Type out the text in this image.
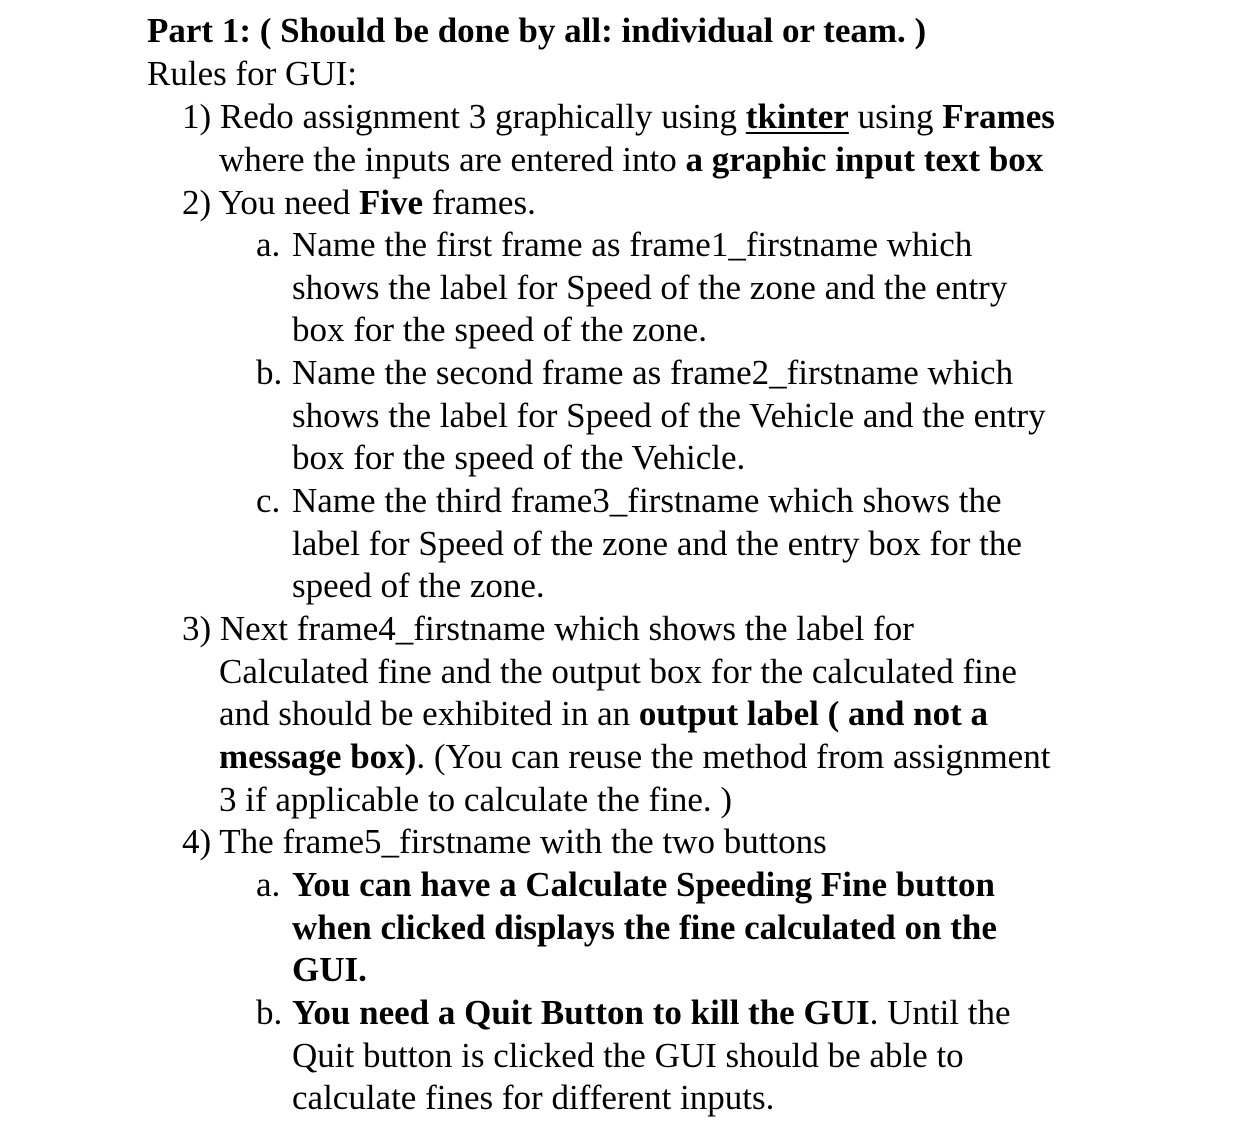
Part 1: ( Should be done by all: individual or team. )
Rules for GUI:
1) Redo assignment 3 graphically using tkinter using Frames
where the inputs are entered into a graphic input text box
2) You need Five frames.
a. Name the first frame as frame1_firstname which
shows the label for Speed of the zone and the entry
box for the speed of the zone.
b. Name the second frame as frame2_firstname which
shows the label for Speed of the Vehicle and the entry
box for the speed of the Vehicle.
c. Name the third frame3_firstname which shows the
label for Speed of the zone and the entry box for the
speed of the zone.
3) Next frame4_firstname which shows the label for
Calculated fine and the output box for the calculated fine
and should be exhibited in an output label ( and not a
message box). (You can reuse the method from assignment
3 if applicable to calculate the fine. )
4) The frame5_firstname with the two buttons
a. You can have a Calculate Speeding Fine button
when clicked displays the fine calculated on the
GUI.
b. You need a Quit Button to kill the GUI. Until the
Quit button is clicked the GUI should be able to
calculate fines for different inputs.
